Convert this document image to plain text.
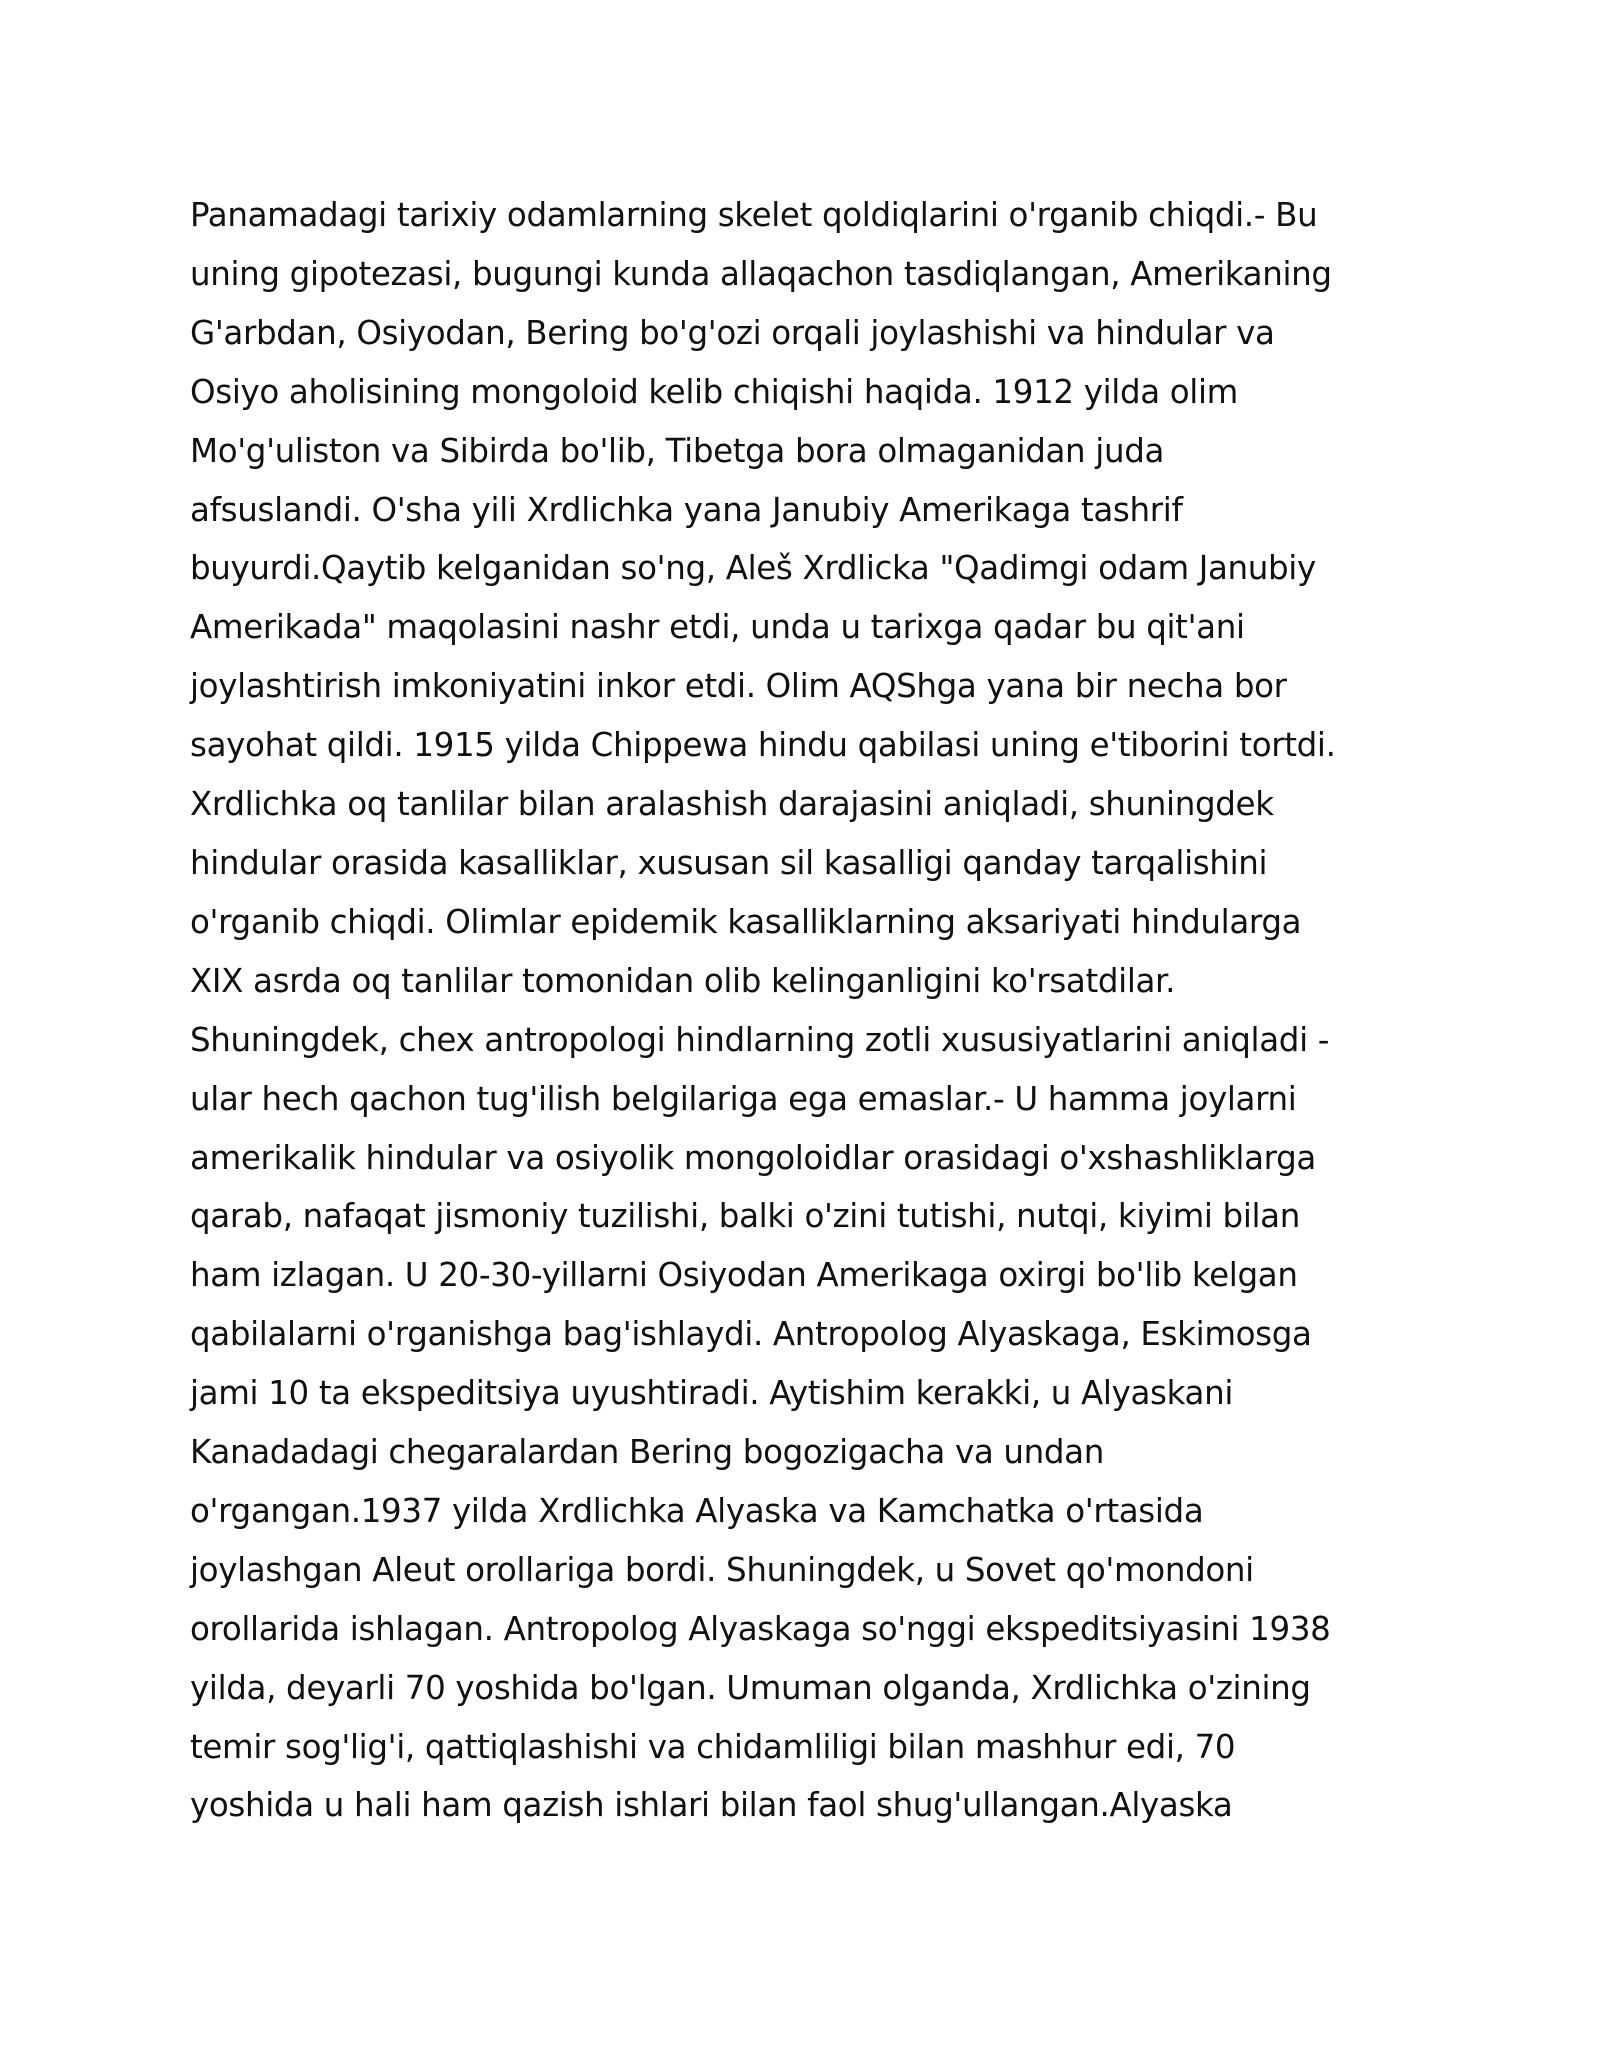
Panamadagi tarixiy odamlarning skelet qoldiqlarini o'rganib chiqdi.- Bu
uning gipotezasi, bugungi kunda allaqachon tasdiqlangan, Amerikaning
G'arbdan, Osiyodan, Bering bo'g'ozi orqali joylashishi va hindular va
Osiyo aholisining mongoloid kelib chiqishi haqida. 1912 yilda olim
Mo'g'uliston va Sibirda bo'lib, Tibetga bora olmaganidan juda
afsuslandi. O'sha yili Xrdlichka yana Janubiy Amerikaga tashrif
buyurdi.Qaytib kelganidan so'ng, Aleš Xrdlicka "Qadimgi odam Janubiy
Amerikada" maqolasini nashr etdi, unda u tarixga qadar bu qit'ani
joylashtirish imkoniyatini inkor etdi. Olim AQShga yana bir necha bor
sayohat qildi. 1915 yilda Chippewa hindu qabilasi uning e'tiborini tortdi.
Xrdlichka oq tanlilar bilan aralashish darajasini aniqladi, shuningdek
hindular orasida kasalliklar, xususan sil kasalligi qanday tarqalishini
o'rganib chiqdi. Olimlar epidemik kasalliklarning aksariyati hindularga
XIX asrda oq tanlilar tomonidan olib kelinganligini ko'rsatdilar.
Shuningdek, chex antropologi hindlarning zotli xususiyatlarini aniqladi -
ular hech qachon tug'ilish belgilariga ega emaslar.- U hamma joylarni
amerikalik hindular va osiyolik mongoloidlar orasidagi o'xshashliklarga
qarab, nafaqat jismoniy tuzilishi, balki o'zini tutishi, nutqi, kiyimi bilan
ham izlagan. U 20-30-yillarni Osiyodan Amerikaga oxirgi bo'lib kelgan
qabilalarni o'rganishga bag'ishlaydi. Antropolog Alyaskaga, Eskimosga
jami 10 ta ekspeditsiya uyushtiradi. Aytishim kerakki, u Alyaskani
Kanadadagi chegaralardan Bering bogozigacha va undan
o'rgangan.1937 yilda Xrdlichka Alyaska va Kamchatka o'rtasida
joylashgan Aleut orollariga bordi. Shuningdek, u Sovet qo'mondoni
orollarida ishlagan. Antropolog Alyaskaga so'nggi ekspeditsiyasini 1938
yilda, deyarli 70 yoshida bo'lgan. Umuman olganda, Xrdlichka o'zining
temir sog'lig'i, qattiqlashishi va chidamliligi bilan mashhur edi, 70
yoshida u hali ham qazish ishlari bilan faol shug'ullangan.Alyaska
